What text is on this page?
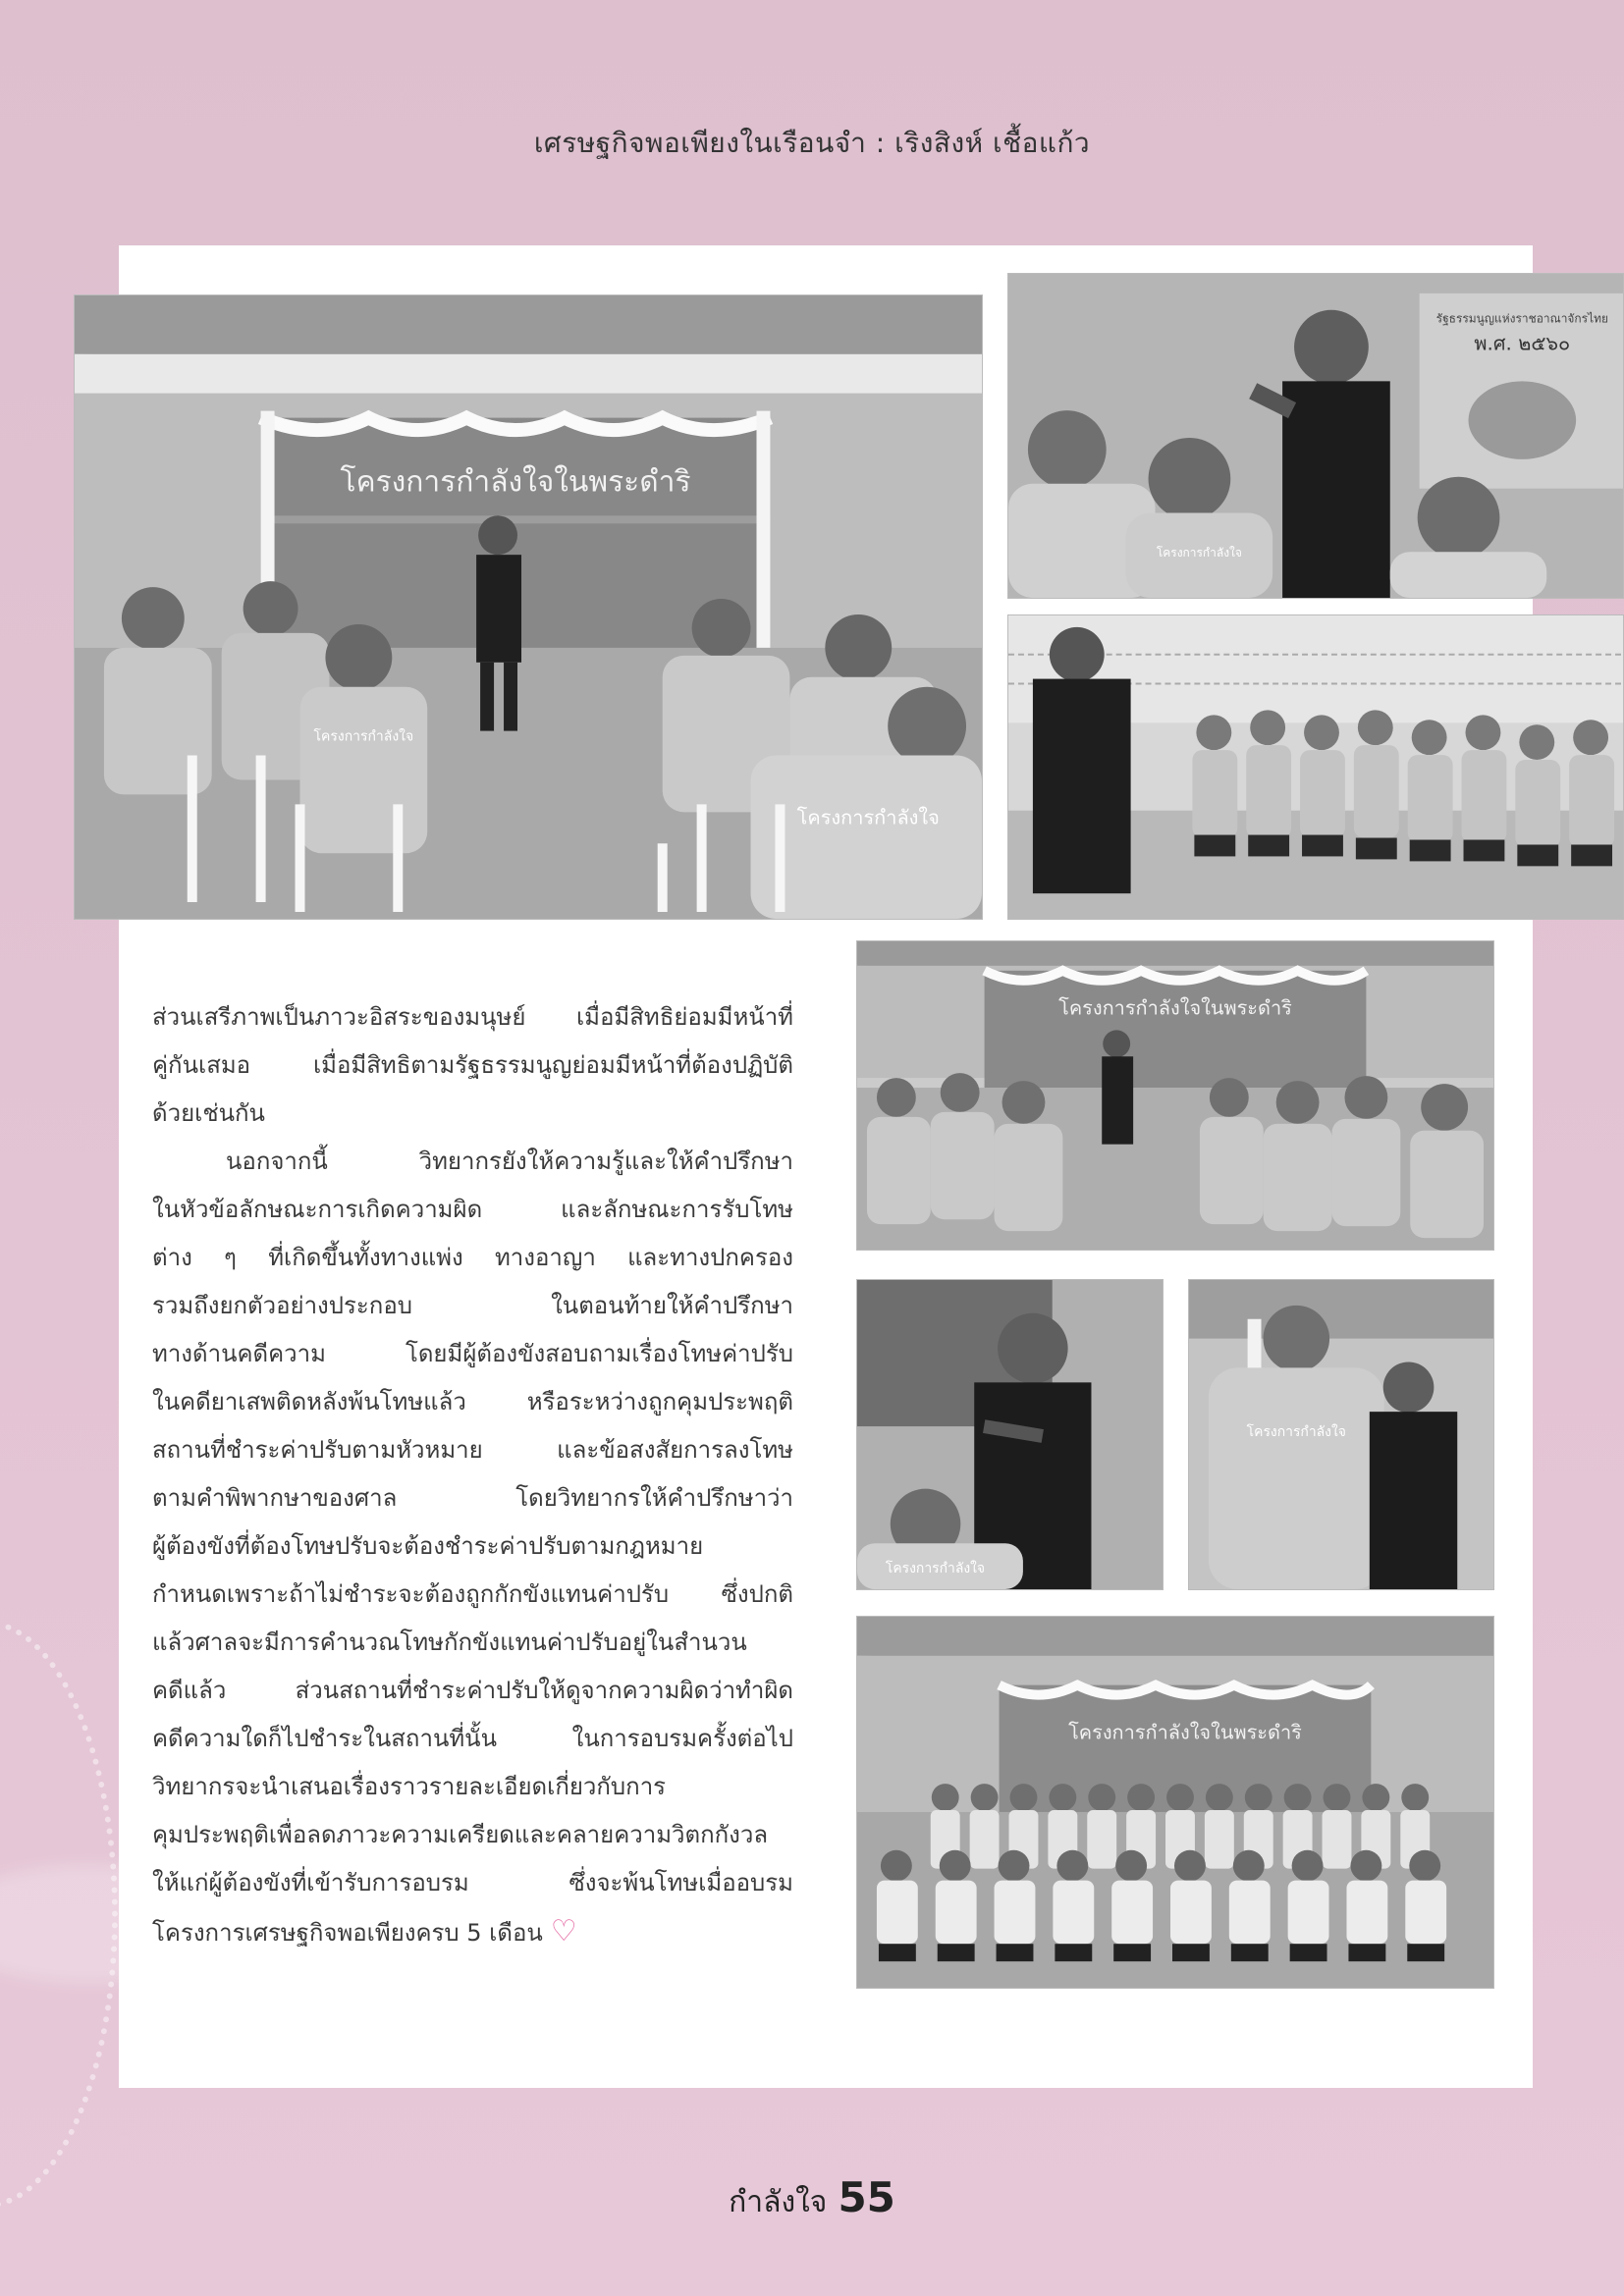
เศรษฐกิจพอเพียงในเรือนจำ : เริงสิงห์ เชื้อแก้ว
โครงการกำลังใจในพระดำริ
โครงการกำลังใจ
โครงการกำลังใจ
รัฐธรรมนูญแห่งราชอาณาจักรไทย
พ.ศ. ๒๕๖๐
โครงการกำลังใจ
โครงการกำลังใจในพระดำริ
โครงการกำลังใจ
โครงการกำลังใจ
โครงการกำลังใจในพระดำริ
ส่วนเสรีภาพเป็นภาวะอิสระของมนุษย์ เมื่อมีสิทธิย่อมมีหน้าที่
คู่กันเสมอ เมื่อมีสิทธิตามรัฐธรรมนูญย่อมมีหน้าที่ต้องปฏิบัติ
ด้วยเช่นกัน
นอกจากนี้ วิทยากรยังให้ความรู้และให้คำปรึกษา
ในหัวข้อลักษณะการเกิดความผิด และลักษณะการรับโทษ
ต่าง ๆ ที่เกิดขึ้นทั้งทางแพ่ง ทางอาญา และทางปกครอง
รวมถึงยกตัวอย่างประกอบ ในตอนท้ายให้คำปรึกษา
ทางด้านคดีความ โดยมีผู้ต้องขังสอบถามเรื่องโทษค่าปรับ
ในคดียาเสพติดหลังพ้นโทษแล้ว หรือระหว่างถูกคุมประพฤติ
สถานที่ชำระค่าปรับตามหัวหมาย และข้อสงสัยการลงโทษ
ตามคำพิพากษาของศาล โดยวิทยากรให้คำปรึกษาว่า
ผู้ต้องขังที่ต้องโทษปรับจะต้องชำระค่าปรับตามกฎหมาย
กำหนดเพราะถ้าไม่ชำระจะต้องถูกกักขังแทนค่าปรับ ซึ่งปกติ
แล้วศาลจะมีการคำนวณโทษกักขังแทนค่าปรับอยู่ในสำนวน
คดีแล้ว ส่วนสถานที่ชำระค่าปรับให้ดูจากความผิดว่าทำผิด
คดีความใดก็ไปชำระในสถานที่นั้น ในการอบรมครั้งต่อไป
วิทยากรจะนำเสนอเรื่องราวรายละเอียดเกี่ยวกับการ
คุมประพฤติเพื่อลดภาวะความเครียดและคลายความวิตกกังวล
ให้แก่ผู้ต้องขังที่เข้ารับการอบรม ซึ่งจะพ้นโทษเมื่ออบรม
โครงการเศรษฐกิจพอเพียงครบ 5 เดือน ♡
กำลังใจ 55
